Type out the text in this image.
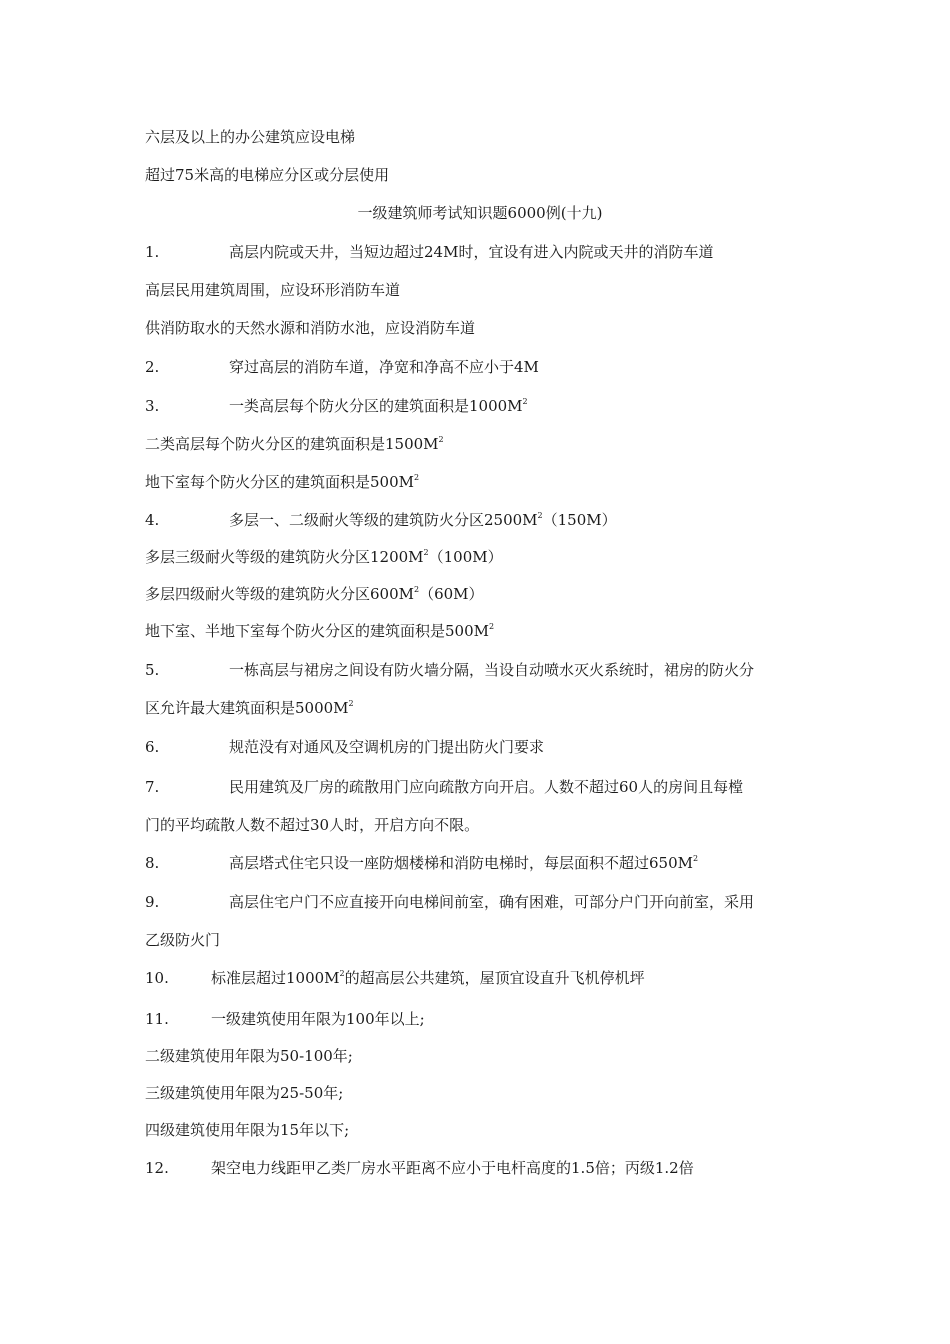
六层及以上的办公建筑应设电梯
超过75米高的电梯应分区或分层使用
一级建筑师考试知识题6000例(十九)
1.	高层内院或天井，当短边超过24M时，宜设有进入内院或天井的消防车道
高层民用建筑周围，应设环形消防车道
供消防取水的天然水源和消防水池，应设消防车道
2.	穿过高层的消防车道，净宽和净高不应小于4M
3.	一类高层每个防火分区的建筑面积是$1000M^2$
二类高层每个防火分区的建筑面积是$1500M^2$
地下室每个防火分区的建筑面积是$500M^2$
4.	多层一、二级耐火等级的建筑防火分区$2500M^2(150M)$
多层三级耐火等级的建筑防火分区$1200M^2(100M)$
多层四级耐火等级的建筑防火分区$600M^2(60M)$
地下室、半地下室每个防火分区的建筑面积是$500M^2$
5.	一栋高层与裙房之间设有防火墙分隔，当设自动喷水灭火系统时，裙房的防火分
区允许最大建筑面积是$5000M^2$
6.	规范没有对通风及空调机房的门提出防火门要求
7.	民用建筑及厂房的疏散用门应向疏散方向开启。人数不超过60人的房间且每樘
门的平均疏散人数不超过30人时，开启方向不限。
8.	高层塔式住宅只设一座防烟楼梯和消防电梯时，每层面积不超过$650M^2$
9.	高层住宅户门不应直接开向电梯间前室，确有困难，可部分户门开向前室，采用
乙级防火门
10.	标准层超过$1000M^2$的超高层公共建筑，屋顶宜设直升飞机停机坪
11.	一级建筑使用年限为100年以上;
二级建筑使用年限为50-100年;
三级建筑使用年限为25-50年;
四级建筑使用年限为15年以下;
12.	架空电力线距甲乙类厂房水平距离不应小于电杆高度的1.5倍；丙级1.2倍
